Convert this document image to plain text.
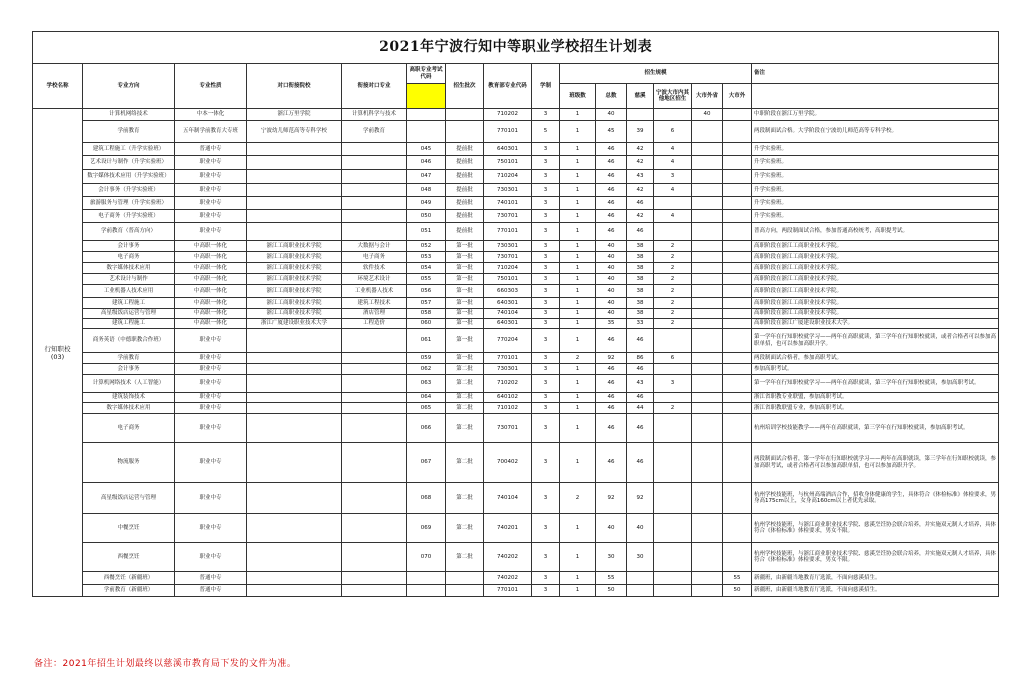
2021年宁波行知中等职业学校招生计划表															
学校名称	专业方向	专业性质	对口衔接院校	衔接对口专业	高职专业考试代码	招生批次	教育部专业代码	学制	招生规模						备注
									班级数	总数	慈溪	宁波大市内其他地区招生	大市外省	大市外	

行知职校
(03)	计算机网络技术	中本一体化	浙江万里学院	计算机科学与技术			710202	3	1	40			40		中职阶段在浙江万里学院。
	学前教育	五年制学前教育大专班	宁波幼儿师范高等专科学校	学前教育			770101	5	1	45	39	6			两段制面试合格。大学阶段在宁波幼儿师范高等专科学校。
	建筑工程施工（升学实验班）	普通中专			045	提前批	640301	3	1	46	42	4			升学实验班。
	艺术设计与制作（升学实验班）	职业中专			046	提前批	750101	3	1	46	42	4			升学实验班。
	数字媒体技术应用（升学实验班）	职业中专			047	提前批	710204	3	1	46	43	3			升学实验班。
	会计事务（升学实验班）	职业中专			048	提前批	730301	3	1	46	42	4			升学实验班。
	旅游服务与管理（升学实验班）	职业中专			049	提前批	740101	3	1	46	46				升学实验班。
	电子商务（升学实验班）	职业中专			050	提前批	730701	3	1	46	42	4			升学实验班。
	学前教育（普高方向）	职业中专			051	提前批	770101	3	1	46	46				普高方向，两段制面试合格，参加普通高校统考，高职提考试。
	会计事务	中高职一体化	浙江工商职业技术学院	大数据与会计	052	第一批	730301	3	1	40	38	2			高职阶段在浙江工商职业技术学院。
	电子商务	中高职一体化	浙江工商职业技术学院	电子商务	053	第一批	730701	3	1	40	38	2			高职阶段在浙江工商职业技术学院。
	数字媒体技术应用	中高职一体化	浙江工商职业技术学院	软件技术	054	第一批	710204	3	1	40	38	2			高职阶段在浙江工商职业技术学院。
	艺术设计与制作	中高职一体化	浙江工商职业技术学院	环境艺术设计	055	第一批	750101	3	1	40	38	2			高职阶段在浙江工商职业技术学院。
	工业机器人技术应用	中高职一体化	浙江工商职业技术学院	工业机器人技术	056	第一批	660303	3	1	40	38	2			高职阶段在浙江工商职业技术学院。
	建筑工程施工	中高职一体化	浙江工商职业技术学院	建筑工程技术	057	第一批	640301	3	1	40	38	2			高职阶段在浙江工商职业技术学院。
	高星级饭店运营与管理	中高职一体化	浙江工商职业技术学院	酒店管理	058	第一批	740104	3	1	40	38	2			高职阶段在浙江工商职业技术学院。
	建筑工程施工	中高职一体化	浙江广厦建设职业技术大学	工程造价	060	第一批	640301	3	1	35	33	2			高职阶段在浙江广厦建设职业技术大学。
	商务英语（中德职教合作班）	职业中专			061	第一批	770204	3	1	46	46				第一学年在行知职校就学习——两年在高职就读，第三学年在行知职校就读，或者合格者可以参加高职单招，也可以参加高职升学。
	学前教育	职业中专			059	第一批	770101	3	2	92	86	6			两段制面试合格者，参加高职考试。
	会计事务	职业中专			062	第二批	730301	3	1	46	46				参加高职考试。
	计算机网络技术（人工智能）	职业中专			063	第二批	710202	3	1	46	43	3			第一学年在行知职校就学习——两年在高职就读，第三学年在行知职校就读，参加高职考试。
	建筑装饰技术	职业中专			064	第二批	640102	3	1	46	46				浙江省职教专业联盟，参加高职考试。
	数字媒体技术应用	职业中专			065	第二批	710102	3	1	46	44	2			浙江省职教联盟专业，参加高职考试。
	电子商务	职业中专			066	第二批	730701	3	1	46	46				杭州培训学校技能教学——两年在高职就读，第三学年在行知职校就读，参加高职考试。
	物流服务	职业中专			067	第二批	700402	3	1	46	46				两段制面试合格者，第一学年在行知职校就学习——两年在高职就读，第三学年在行知职校就读，参加高职考试，或者合格者可以参加高职单招，也可以参加高职升学。
	高星级饭店运营与管理	职业中专			068	第二批	740104	3	2	92	92				杭州学校技能班，与杭州高端酒店合作，招收身体健康的学生，具体符合《体检标准》体检要求，男身高175cm以上，女身高160cm以上者优先录取。
	中餐烹饪	职业中专			069	第二批	740201	3	1	40	40				杭州学校技能班，与浙江商业职业技术学院、慈溪烹饪协会联合培养，并实施双元制人才培养，具体符合《体检标准》体检要求，男女不限。
	西餐烹饪	职业中专			070	第二批	740202	3	1	30	30				杭州学校技能班，与浙江商业职业技术学院、慈溪烹饪协会联合培养，并实施双元制人才培养，具体符合《体检标准》体检要求，男女不限。
	西餐烹饪（新疆班）	普通中专					740202	3	1	55				55	新疆班，由新疆当地教育厅选派，不面向慈溪招生。
	学前教育（新疆班）	普通中专					770101	3	1	50				50	新疆班，由新疆当地教育厅选派，不面向慈溪招生。
备注：2021年招生计划最终以慈溪市教育局下发的文件为准。
